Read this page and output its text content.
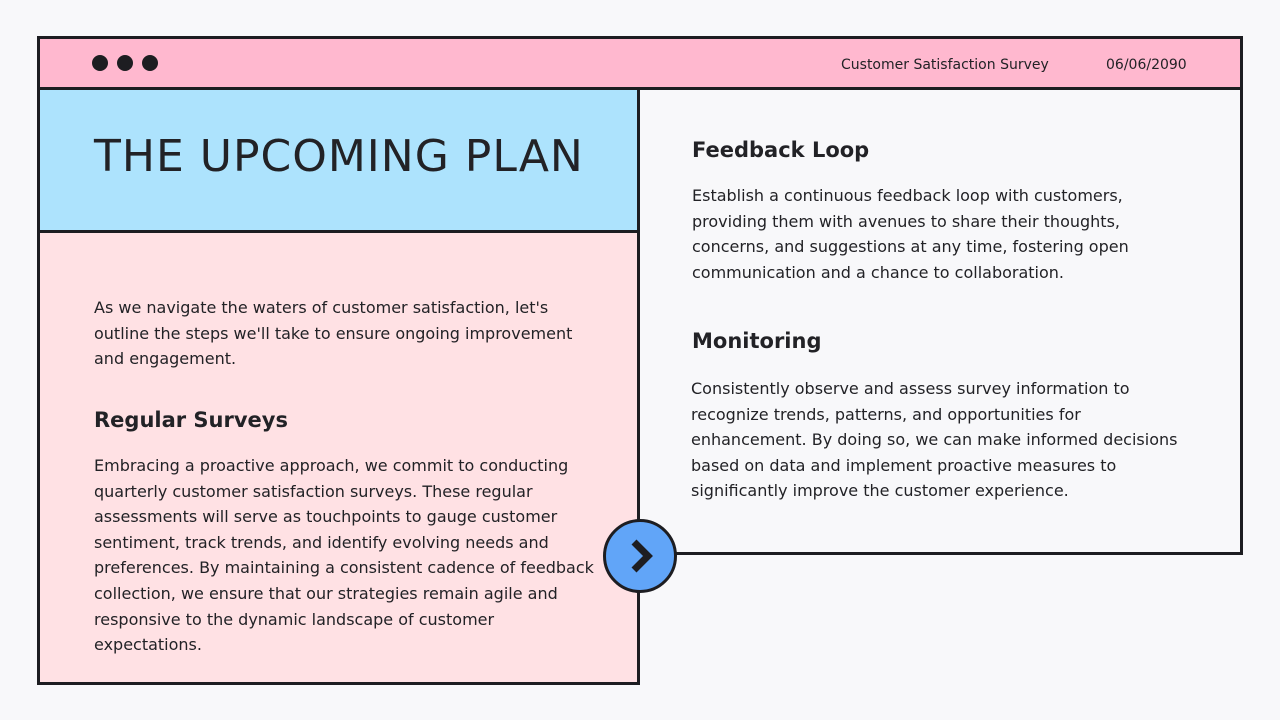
Customer Satisfaction Survey	06/06/2090
THE UPCOMING PLAN

As we navigate the waters of customer satisfaction, let's outline the steps we'll take to ensure ongoing improvement and engagement.

Regular Surveys

Embracing a proactive approach, we commit to conducting quarterly customer satisfaction surveys. These regular assessments will serve as touchpoints to gauge customer sentiment, track trends, and identify evolving needs and preferences. By maintaining a consistent cadence of feedback collection, we ensure that our strategies remain agile and responsive to the dynamic landscape of customer expectations.

Feedback Loop

Establish a continuous feedback loop with customers, providing them with avenues to share their thoughts, concerns, and suggestions at any time, fostering open communication and a chance to collaboration.

Monitoring

Consistently observe and assess survey information to recognize trends, patterns, and opportunities for enhancement. By doing so, we can make informed decisions based on data and implement proactive measures to significantly improve the customer experience.
